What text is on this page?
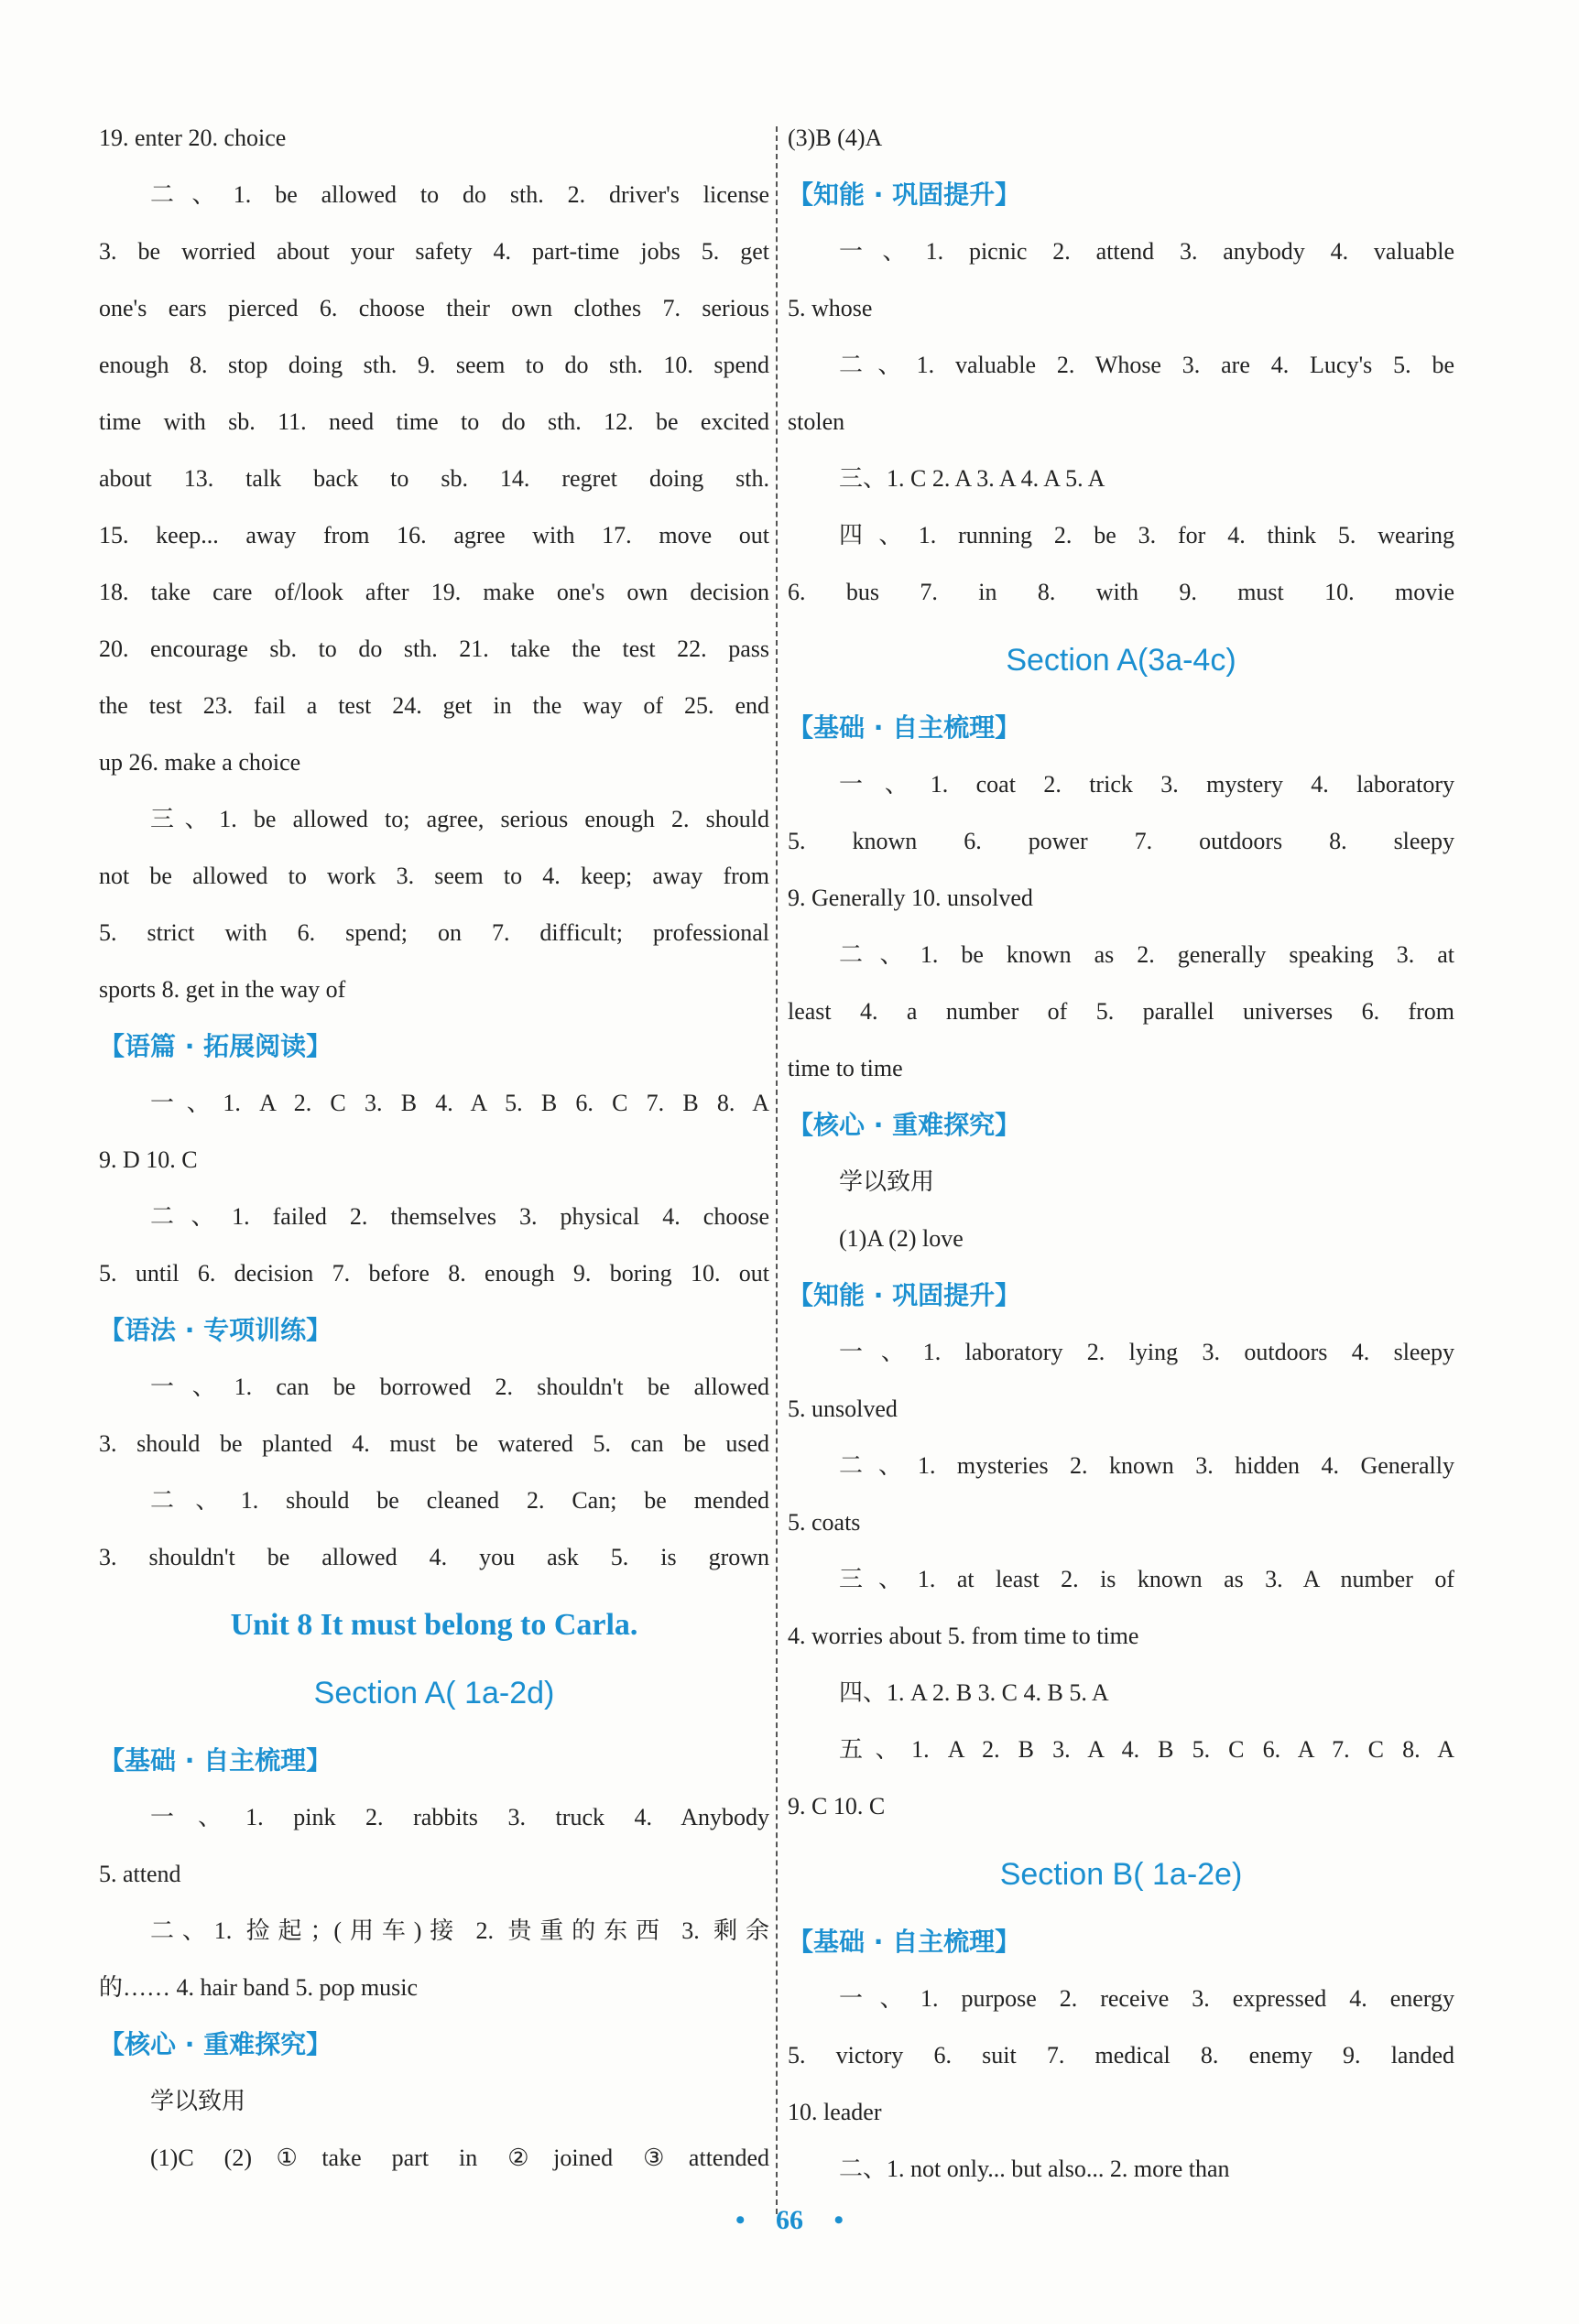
19. enter 20. choice
二、1. be allowed to do sth. 2. driver's license
3. be worried about your safety 4. part-time jobs 5. get
one's ears pierced 6. choose their own clothes 7. serious
enough 8. stop doing sth. 9. seem to do sth. 10. spend
time with sb. 11. need time to do sth. 12. be excited
about 13. talk back to sb. 14. regret doing sth.
15. keep... away from 16. agree with 17. move out
18. take care of/look after 19. make one's own decision
20. encourage sb. to do sth. 21. take the test 22. pass
the test 23. fail a test 24. get in the way of 25. end
up 26. make a choice
三、1. be allowed to; agree, serious enough 2. should
not be allowed to work 3. seem to 4. keep; away from
5. strict with 6. spend; on 7. difficult; professional
sports 8. get in the way of
【语篇 · 拓展阅读】
一、1. A 2. C 3. B 4. A 5. B 6. C 7. B 8. A
9. D 10. C
二、1. failed 2. themselves 3. physical 4. choose
5. until 6. decision 7. before 8. enough 9. boring 10. out
【语法 · 专项训练】
一、1. can be borrowed 2. shouldn't be allowed
3. should be planted 4. must be watered 5. can be used
二、1. should be cleaned 2. Can; be mended
3. shouldn't be allowed 4. you ask 5. is grown
Unit 8 It must belong to Carla.
Section A( 1a-2d)
【基础 · 自主梳理】
一、1. pink 2. rabbits 3. truck 4. Anybody
5. attend
二、1. 捡起；(用车)接 2. 贵重的东西 3. 剩余
的…… 4. hair band 5. pop music
【核心 · 重难探究】
学以致用
(1)C (2)①take part in ②joined ③attended
(3)B (4)A
【知能 · 巩固提升】
一、1. picnic 2. attend 3. anybody 4. valuable
5. whose
二、1. valuable 2. Whose 3. are 4. Lucy's 5. be
stolen
三、1. C 2. A 3. A 4. A 5. A
四、1. running 2. be 3. for 4. think 5. wearing
6. bus 7. in 8. with 9. must 10. movie
Section A(3a-4c)
【基础 · 自主梳理】
一、1. coat 2. trick 3. mystery 4. laboratory
5. known 6. power 7. outdoors 8. sleepy
9. Generally 10. unsolved
二、1. be known as 2. generally speaking 3. at
least 4. a number of 5. parallel universes 6. from
time to time
【核心 · 重难探究】
学以致用
(1)A (2) love
【知能 · 巩固提升】
一、1. laboratory 2. lying 3. outdoors 4. sleepy
5. unsolved
二、1. mysteries 2. known 3. hidden 4. Generally
5. coats
三、1. at least 2. is known as 3. A number of
4. worries about 5. from time to time
四、1. A 2. B 3. C 4. B 5. A
五、1. A 2. B 3. A 4. B 5. C 6. A 7. C 8. A
9. C 10. C
Section B( 1a-2e)
【基础 · 自主梳理】
一、1. purpose 2. receive 3. expressed 4. energy
5. victory 6. suit 7. medical 8. enemy 9. landed
10. leader
二、1. not only... but also... 2. more than
• 66 •
